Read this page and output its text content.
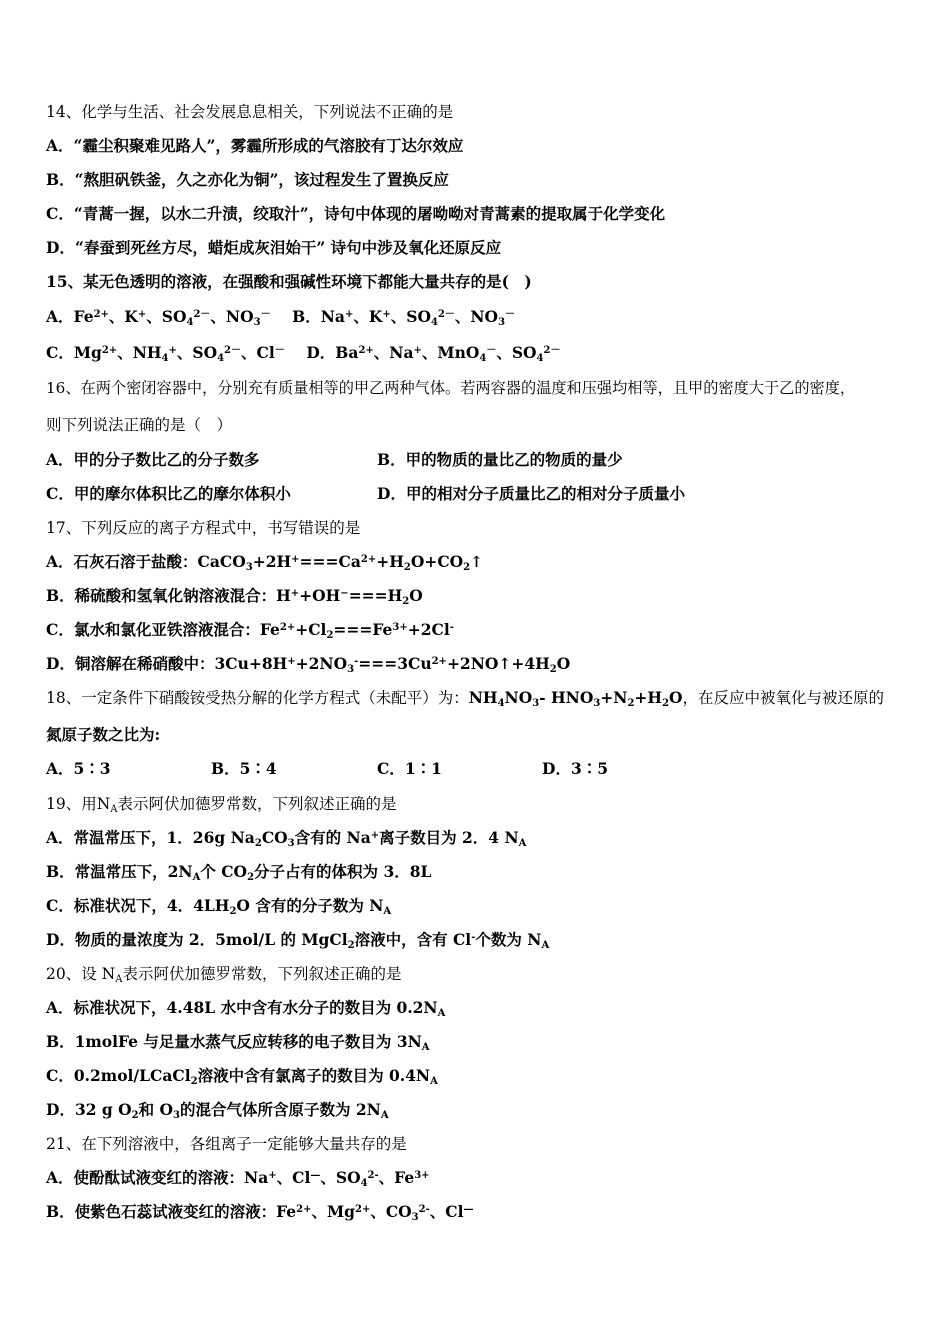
14、化学与生活、社会发展息息相关，下列说法不正确的是
A．“霾尘积聚难见路人”，雾霾所形成的气溶胶有丁达尔效应
B．“熬胆矾铁釜，久之亦化为铜”，该过程发生了置换反应
C．“青蒿一握，以水二升渍，绞取汁”，诗句中体现的屠呦呦对青蒿素的提取属于化学变化
D．“春蚕到死丝方尽，蜡炬成灰泪始干” 诗句中涉及氧化还原反应
15、某无色透明的溶液，在强酸和强碱性环境下都能大量共存的是(　)
A．$Fe^{2+}$、K+、$SO_4^{2-}$、$NO_3^-$ B．Na+、K+、$SO_4^{2-}$、$NO_3^-$
C．$Mg^{2+}$、$NH_4^+$、$SO_4^{2-}$、Cl－ D．$Ba^{2+}$、Na+、MnO$_4$－、$SO_4^{2-}$
16、在两个密闭容器中，分别充有质量相等的甲乙两种气体。若两容器的温度和压强均相等，且甲的密度大于乙的密度，
则下列说法正确的是（　）
A．甲的分子数比乙的分子数多	B．甲的物质的量比乙的物质的量少
C．甲的摩尔体积比乙的摩尔体积小	D．甲的相对分子质量比乙的相对分子质量小
17、下列反应的离子方程式中，书写错误的是
A．石灰石溶于盐酸：$CaCO_3+2H^+===Ca^{2+}+H_2O+CO_2↑$
B．稀硫酸和氢氧化钠溶液混合：$H^++OH^-===H_2O$
C．氯水和氯化亚铁溶液混合：$Fe^{2+}+Cl_2===Fe^{3+}+2Cl^-$
D．铜溶解在稀硝酸中：$3Cu+8H^++2NO_3^-===3Cu^{2+}+2NO↑+4H_2O$
18、一定条件下硝酸铵受热分解的化学方程式（未配平）为：$NH_4NO_3-$ $HNO_3+N_2+H_2O$，在反应中被氧化与被还原的
氮原子数之比为:
A．5∶3	B．5∶4	C．1∶1	D．3∶5
19、用$N_A$表示阿伏加德罗常数，下列叙述正确的是
A．常温常压下，1．26g $Na_2CO_3$含有的 Na+离子数目为 2．4 $N_A$
B．常温常压下，$2N_A$个 $CO_2$分子占有的体积为 3．8L
C．标准状况下，4．$4LH_2O$ 含有的分子数为 $N_A$
D．物质的量浓度为 2．5mol/L 的 MgCl$_2$溶液中，含有 Cl-个数为 $N_A$
20、设 $N_A$表示阿伏加德罗常数，下列叙述正确的是
A．标准状况下，4.48L 水中含有水分子的数目为 $0.2N_A$
B．1molFe 与足量水蒸气反应转移的电子数目为 $3N_A$
C．0.2mol/LCaCl$_2$溶液中含有氯离子的数目为 $0.4N_A$
D．32 g $O_2$和 $O_3$的混合气体所含原子数为 $2N_A$
21、在下列溶液中，各组离子一定能够大量共存的是
A．使酚酞试液变红的溶液：Na+、Cl—、$SO_4^{2-}$、$Fe^{3+}$
B．使紫色石蕊试液变红的溶液：$Fe^{2+}$、$Mg^{2+}$、$CO_3^{2-}$、Cl—
